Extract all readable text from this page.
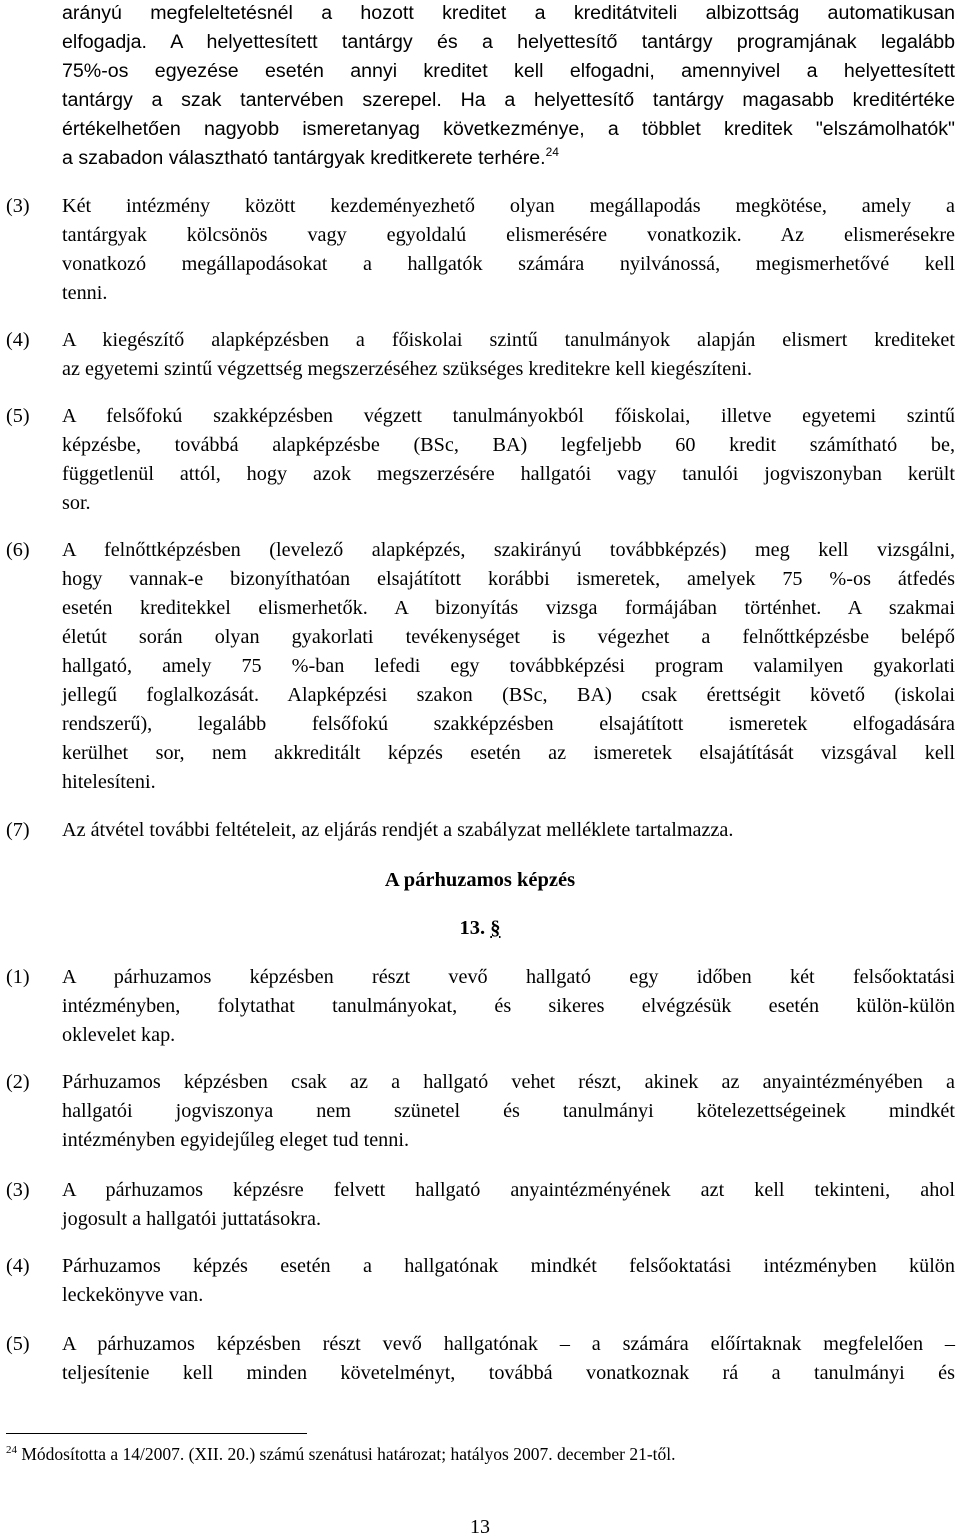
arányú megfeleltetésnél a hozott kreditet a kreditátviteli albizottság automatikusan
elfogadja. A helyettesített tantárgy és a helyettesítő tantárgy programjának legalább
75%-os egyezése esetén annyi kreditet kell elfogadni, amennyivel a helyettesített
tantárgy a szak tantervében szerepel. Ha a helyettesítő tantárgy magasabb kreditértéke
értékelhetően nagyobb ismeretanyag következménye, a többlet kreditek "elszámolhatók"
a szabadon választható tantárgyak kreditkerete terhére.$^{24}$
(3) Két intézmény között kezdeményezhető olyan megállapodás megkötése, amely a
tantárgyak kölcsönös vagy egyoldalú elismerésére vonatkozik. Az elismerésekre
vonatkozó megállapodásokat a hallgatók számára nyilvánossá, megismerhetővé kell
tenni.
(4) A kiegészítő alapképzésben a főiskolai szintű tanulmányok alapján elismert krediteket
az egyetemi szintű végzettség megszerzéséhez szükséges kreditekre kell kiegészíteni.
(5) A felsőfokú szakképzésben végzett tanulmányokból főiskolai, illetve egyetemi szintű
képzésbe, továbbá alapképzésbe (BSc, BA) legfeljebb 60 kredit számítható be,
függetlenül attól, hogy azok megszerzésére hallgatói vagy tanulói jogviszonyban került
sor.
(6) A felnőttképzésben (levelező alapképzés, szakirányú továbbképzés) meg kell vizsgálni,
hogy vannak-e bizonyíthatóan elsajátított korábbi ismeretek, amelyek 75 %-os átfedés
esetén kreditekkel elismerhetők. A bizonyítás vizsga formájában történhet. A szakmai
életút során olyan gyakorlati tevékenységet is végezhet a felnőttképzésbe belépő
hallgató, amely 75 %-ban lefedi egy továbbképzési program valamilyen gyakorlati
jellegű foglalkozását. Alapképzési szakon (BSc, BA) csak érettségit követő (iskolai
rendszerű), legalább felsőfokú szakképzésben elsajátított ismeretek elfogadására
kerülhet sor, nem akkreditált képzés esetén az ismeretek elsajátítását vizsgával kell
hitelesíteni.
(7) Az átvétel további feltételeit, az eljárás rendjét a szabályzat melléklete tartalmazza.
A párhuzamos képzés
13. §
(1) A párhuzamos képzésben részt vevő hallgató egy időben két felsőoktatási
intézményben, folytathat tanulmányokat, és sikeres elvégzésük esetén külön-külön
oklevelet kap.
(2) Párhuzamos képzésben csak az a hallgató vehet részt, akinek az anyaintézményében a
hallgatói jogviszonya nem szünetel és tanulmányi kötelezettségeinek mindkét
intézményben egyidejűleg eleget tud tenni.
(3) A párhuzamos képzésre felvett hallgató anyaintézményének azt kell tekinteni, ahol
jogosult a hallgatói juttatásokra.
(4) Párhuzamos képzés esetén a hallgatónak mindkét felsőoktatási intézményben külön
leckekönyve van.
(5) A párhuzamos képzésben részt vevő hallgatónak – a számára előírtaknak megfelelően –
teljesítenie kell minden követelményt, továbbá vonatkoznak rá a tanulmányi és
$^{24}$ Módosította a 14/2007. (XII. 20.) számú szenátusi határozat; hatályos 2007. december 21-től.
13
